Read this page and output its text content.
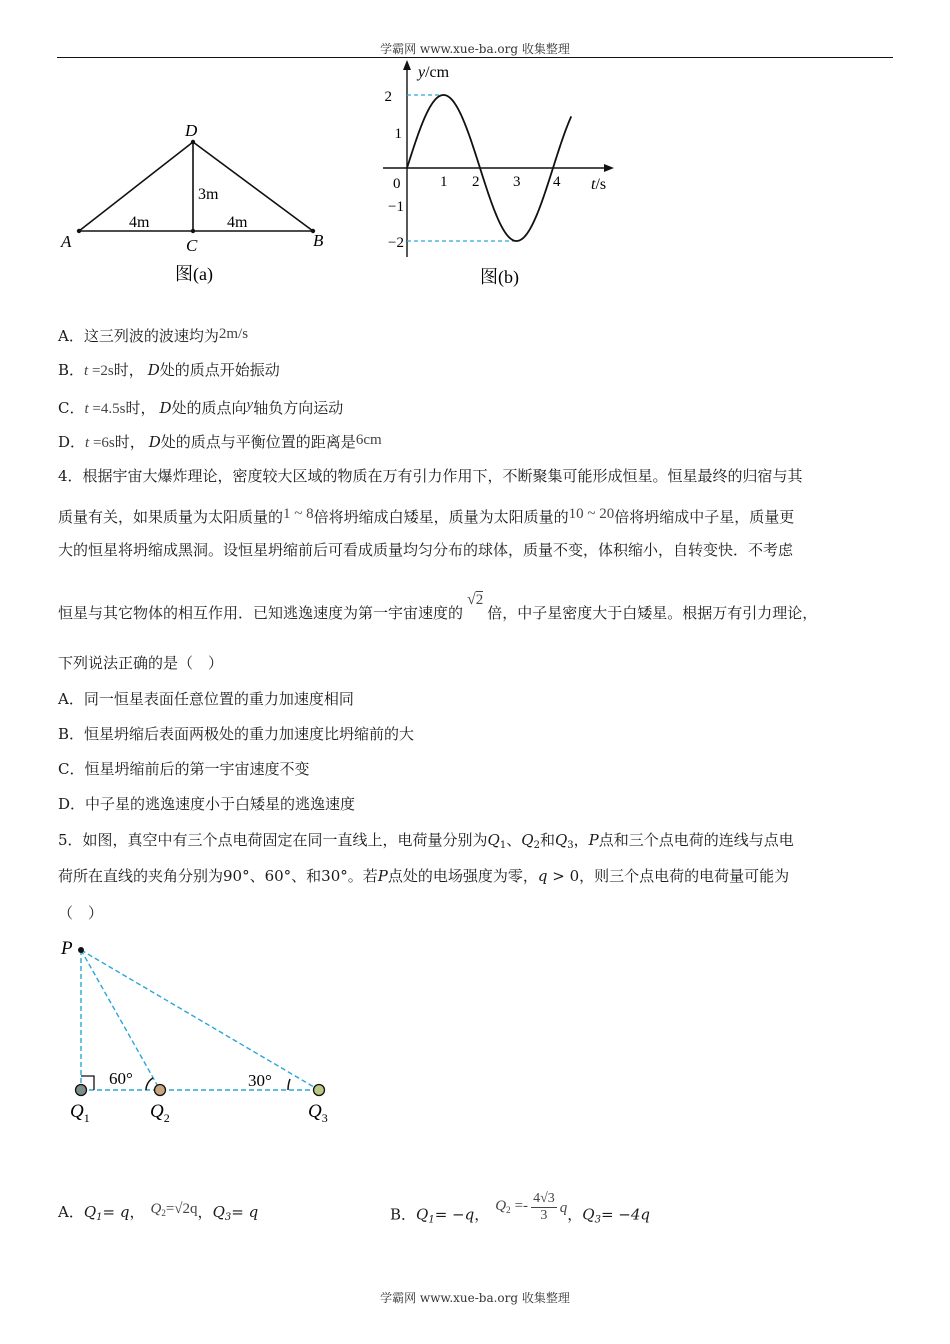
学霸网 www.xue-ba.org 收集整理
A	C	B
D
4m	4m
3m
图(a)
y/cm
t/s
2
1
−1
−2
0	1 2 3 4
图(b)
A．这三列波的波速均为2m/s
B．t =2s时， D处的质点开始振动
C．t =4.5s时， D处的质点向y轴负方向运动
D．t =6s时， D处的质点与平衡位置的距离是6cm
4．根据宇宙大爆炸理论，密度较大区域的物质在万有引力作用下，不断聚集可能形成恒星。恒星最终的归宿与其
质量有关，如果质量为太阳质量的1 ~ 8倍将坍缩成白矮星，质量为太阳质量的10 ~ 20倍将坍缩成中子星，质量更
大的恒星将坍缩成黑洞。设恒星坍缩前后可看成质量均匀分布的球体，质量不变，体积缩小，自转变快．不考虑
恒星与其它物体的相互作用．已知逃逸速度为第一宇宙速度的√2倍，中子星密度大于白矮星。根据万有引力理论，
下列说法正确的是（　）
A．同一恒星表面任意位置的重力加速度相同
B．恒星坍缩后表面两极处的重力加速度比坍缩前的大
C．恒星坍缩前后的第一宇宙速度不变
D．中子星的逃逸速度小于白矮星的逃逸速度
5．如图，真空中有三个点电荷固定在同一直线上，电荷量分别为$Q_1$、$Q_2$和$Q_3$，P点和三个点电荷的连线与点电
荷所在直线的夹角分别为90°、60°、和30°。若P点处的电场强度为零，q > 0，则三个点电荷的电荷量可能为
（　）
60°	30°
P
$Q_1$	$Q_2$	$Q_3$
A．$Q_1= q$， Q2=√2q，$Q_3= q$	B．$Q_1= -q$， $Q^2 =- \frac{4√3}{3}$ q，$Q_3= -4q$
学霸网 www.xue-ba.org 收集整理
